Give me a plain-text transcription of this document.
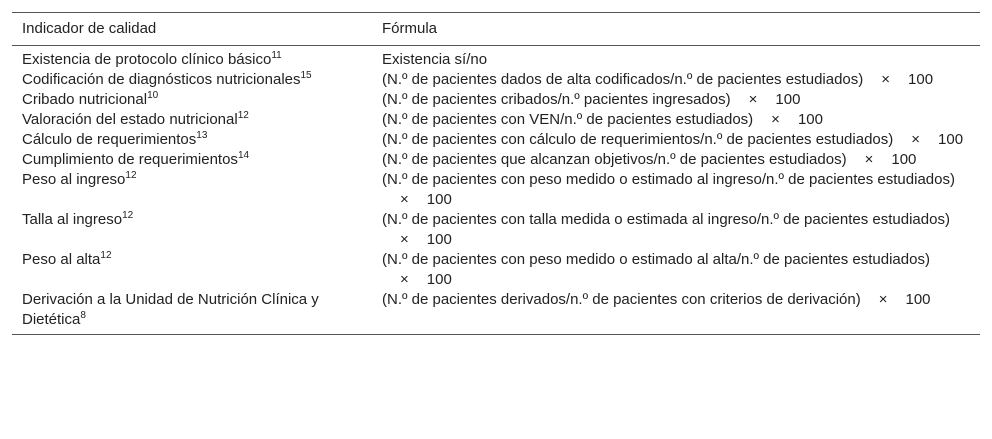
Indicador de calidad	Fórmula
Existencia de protocolo clínico básico$^{11}$	Existencia sí/no
Codificación de diagnósticos nutricionales$^{15}$	(N.º de pacientes dados de alta codificados/n.º de pacientes estudiados) × 100
Cribado nutricional$^{10}$	(N.º de pacientes cribados/n.º pacientes ingresados) × 100
Valoración del estado nutricional$^{12}$	(N.º de pacientes con VEN/n.º de pacientes estudiados) × 100
Cálculo de requerimientos$^{13}$	(N.º de pacientes con cálculo de requerimientos/n.º de pacientes estudiados) × 100
Cumplimiento de requerimientos$^{14}$	(N.º de pacientes que alcanzan objetivos/n.º de pacientes estudiados) × 100
Peso al ingreso$^{12}$	(N.º de pacientes con peso medido o estimado al ingreso/n.º de pacientes estudiados)× 100
Talla al ingreso$^{12}$	(N.º de pacientes con talla medida o estimada al ingreso/n.º de pacientes estudiados)× 100
Peso al alta$^{12}$	(N.º de pacientes con peso medido o estimado al alta/n.º de pacientes estudiados)× 100
Derivación a la Unidad de Nutrición Clínica y Dietética$^8$	(N.º de pacientes derivados/n.º de pacientes con criterios de derivación) × 100
